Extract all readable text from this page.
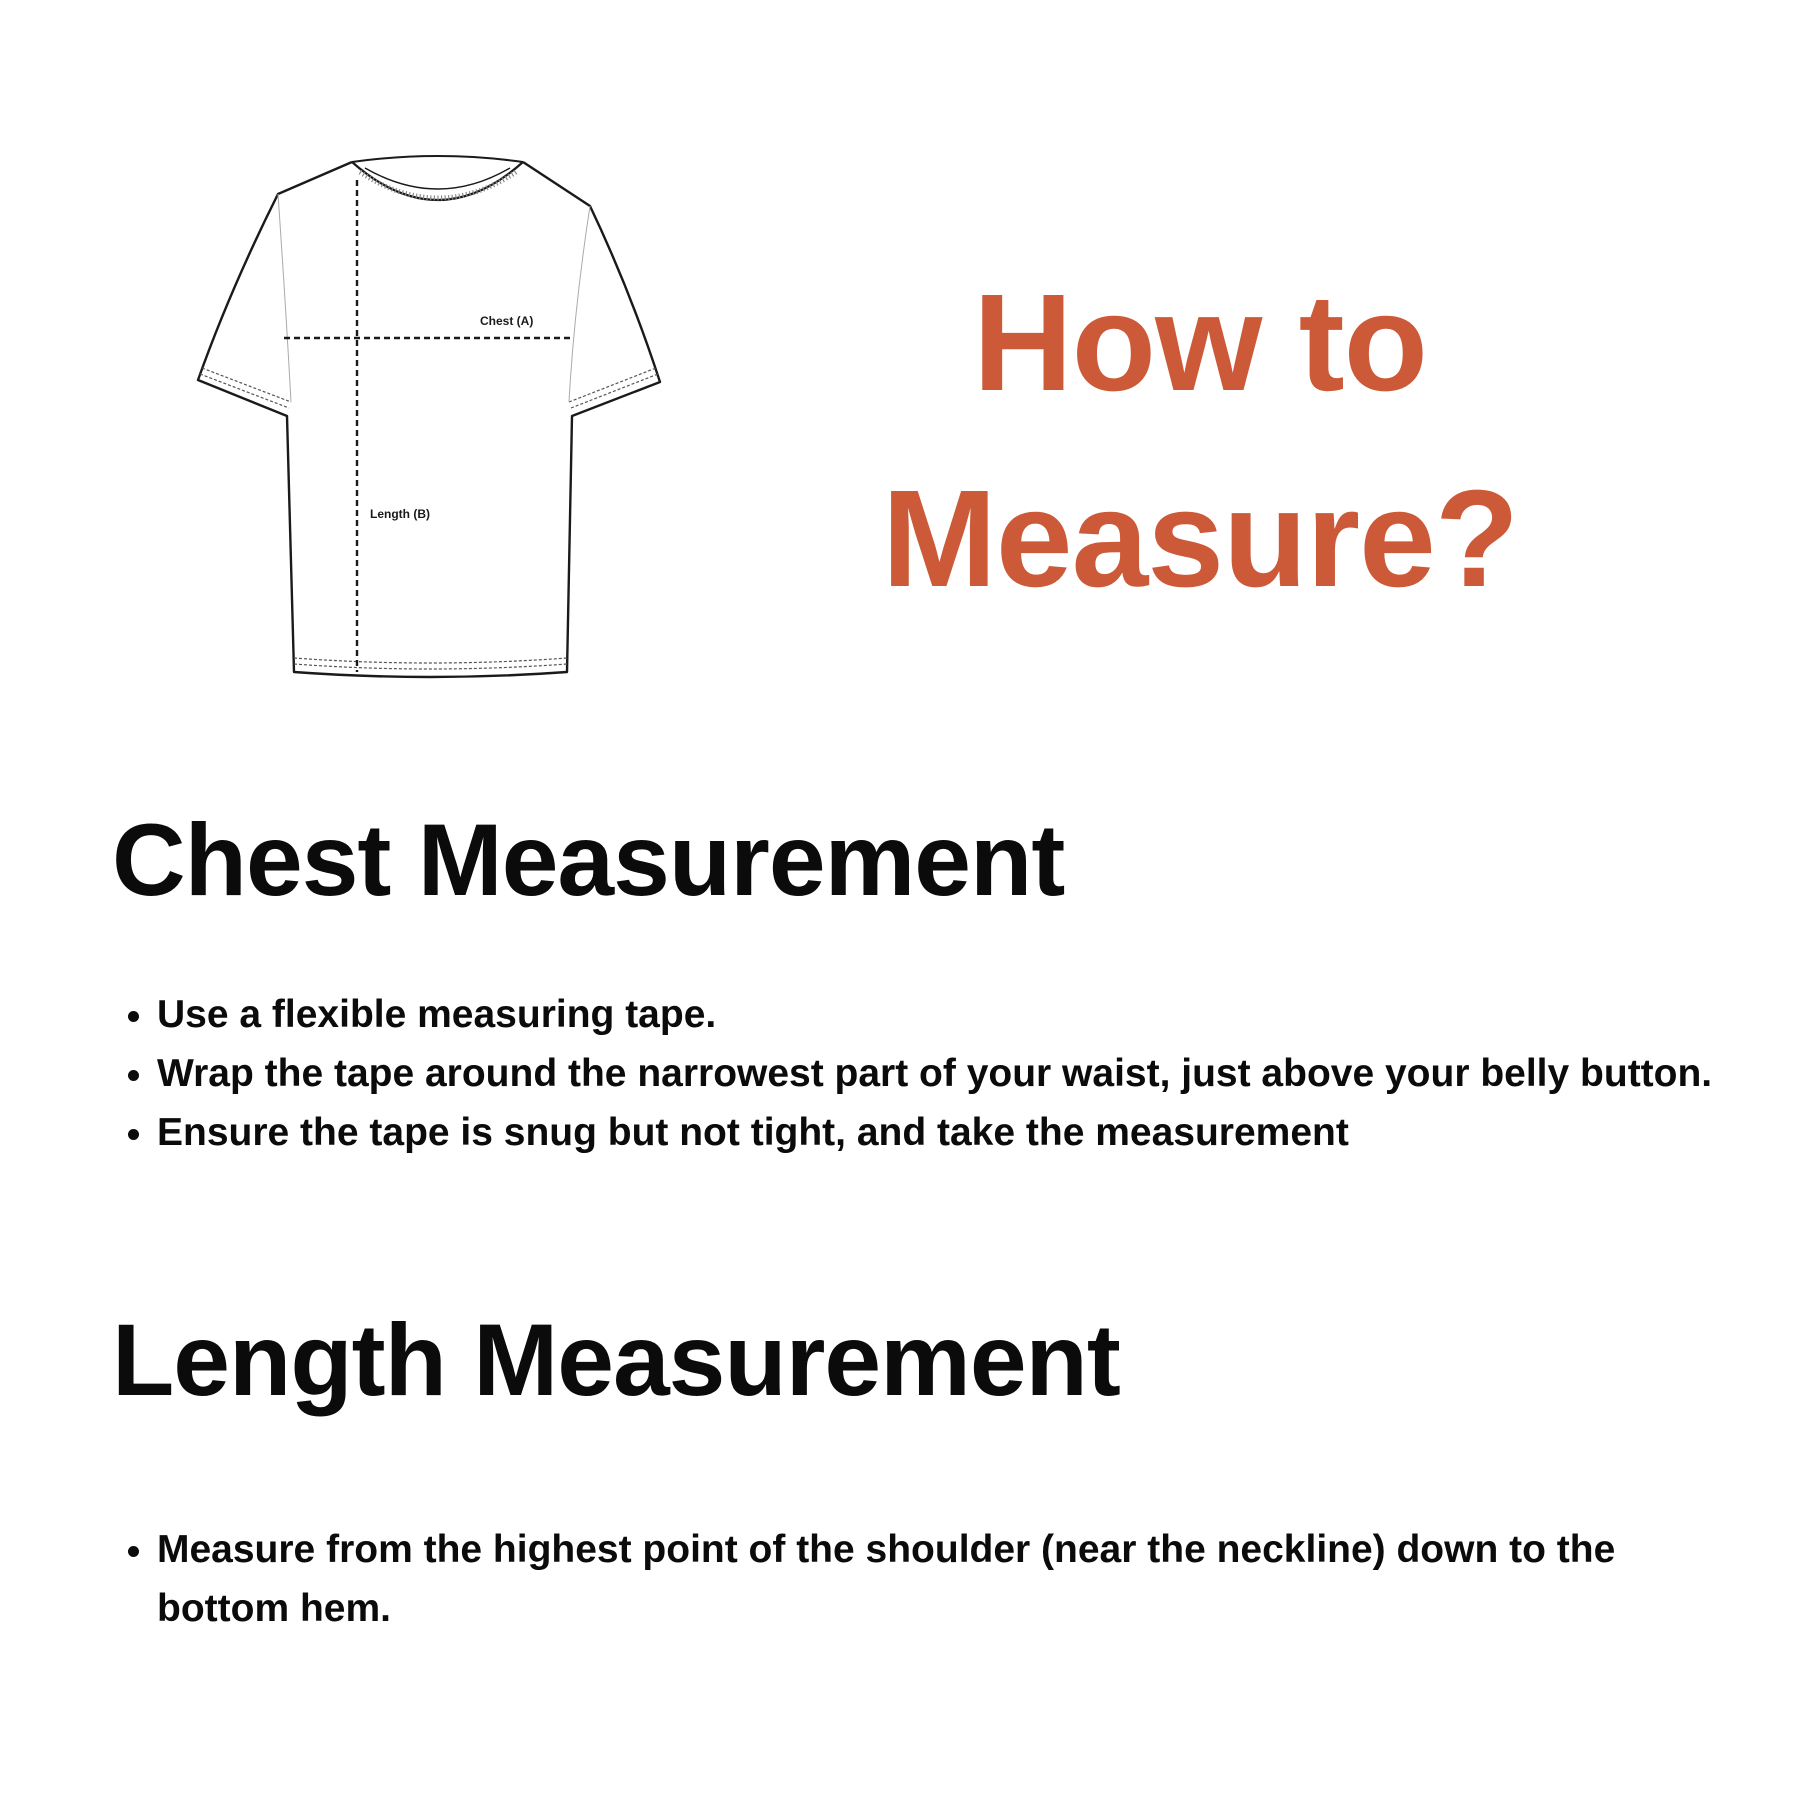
Chest (A)
Length (B)
How to
Measure?
Chest Measurement
• Use a flexible measuring tape.
• Wrap the tape around the narrowest part of your waist, just above your belly button.
• Ensure the tape is snug but not tight, and take the measurement
Length Measurement
• Measure from the highest point of the shoulder (near the neckline) down to the bottom hem.
